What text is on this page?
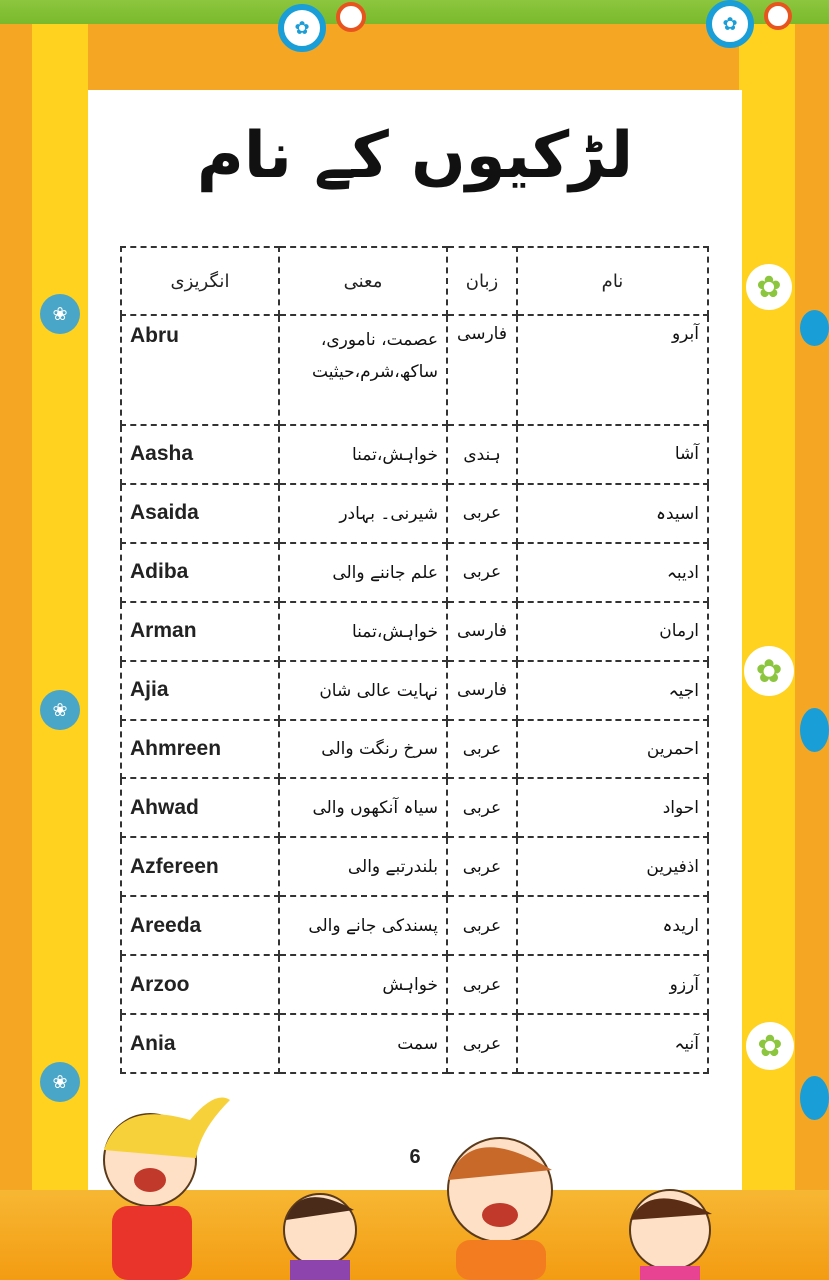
✿	✿
❀
✿
❀
✿
❀
✿
لڑکیوں کے نام
انگریزی	معنی	زبان	نام
Abru	عصمت، ناموری، ساکھ،شرم،حیثیت	فارسی	آبرو
Aasha	خواہش،تمنا	ہندی	آشا
Asaida	شیرنی۔ بہادر	عربی	اسیدہ
Adiba	علم جاننے والی	عربی	ادیبہ
Arman	خواہش،تمنا	فارسی	ارمان
Ajia	نہایت عالی شان	فارسی	اجیہ
Ahmreen	سرخ رنگت والی	عربی	احمرین
Ahwad	سیاہ آنکھوں والی	عربی	احواد
Azfereen	بلندرتبے والی	عربی	اذفیرین
Areeda	پسندکی جانے والی	عربی	اریدہ
Arzoo	خواہش	عربی	آرزو
Ania	سمت	عربی	آنیہ
6
